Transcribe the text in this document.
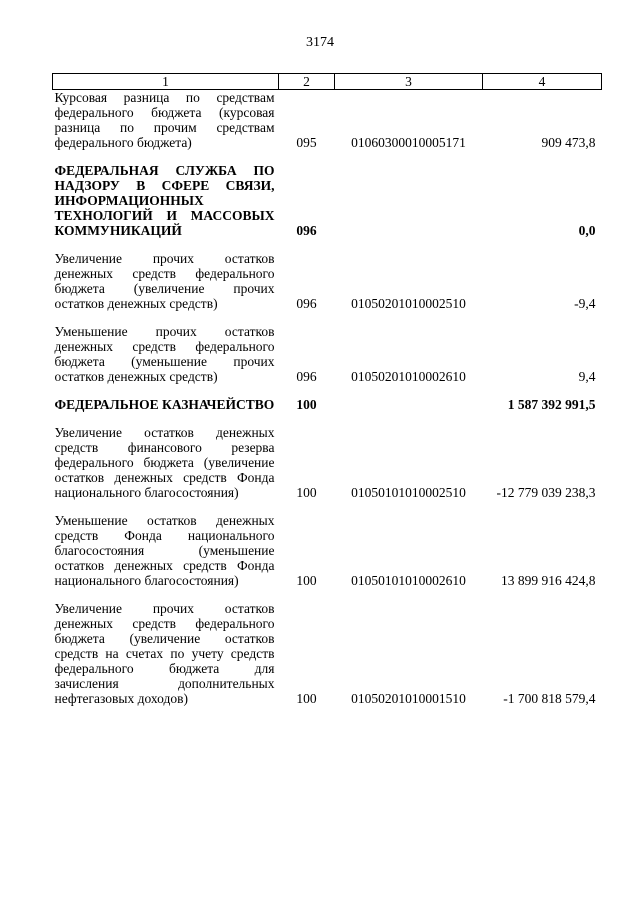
3174
1	2	3	4
Курсовая разница по средствам федерального бюджета (курсовая разница по прочим средствам федерального бюджета)	095	01060300010005171	909 473,8
ФЕДЕРАЛЬНАЯ СЛУЖБА ПО НАДЗОРУ В СФЕРЕ СВЯЗИ, ИНФОРМАЦИОННЫХ ТЕХНОЛОГИЙ И МАССОВЫХ КОММУНИКАЦИЙ	096		0,0
Увеличение прочих остатков денежных средств федерального бюджета (увеличение прочих остатков денежных средств)	096	01050201010002510	-9,4
Уменьшение прочих остатков денежных средств федерального бюджета (уменьшение прочих остатков денежных средств)	096	01050201010002610	9,4
ФЕДЕРАЛЬНОЕ КАЗНАЧЕЙСТВО	100		1 587 392 991,5
Увеличение остатков денежных средств финансового резерва федерального бюджета (увеличение остатков денежных средств Фонда национального благосостояния)	100	01050101010002510	-12 779 039 238,3
Уменьшение остатков денежных средств Фонда национального благосостояния (уменьшение остатков денежных средств Фонда национального благосостояния)	100	01050101010002610	13 899 916 424,8
Увеличение прочих остатков денежных средств федерального бюджета (увеличение остатков средств на счетах по учету средств федерального бюджета для зачисления дополнительных нефтегазовых доходов)	100	01050201010001510	-1 700 818 579,4
